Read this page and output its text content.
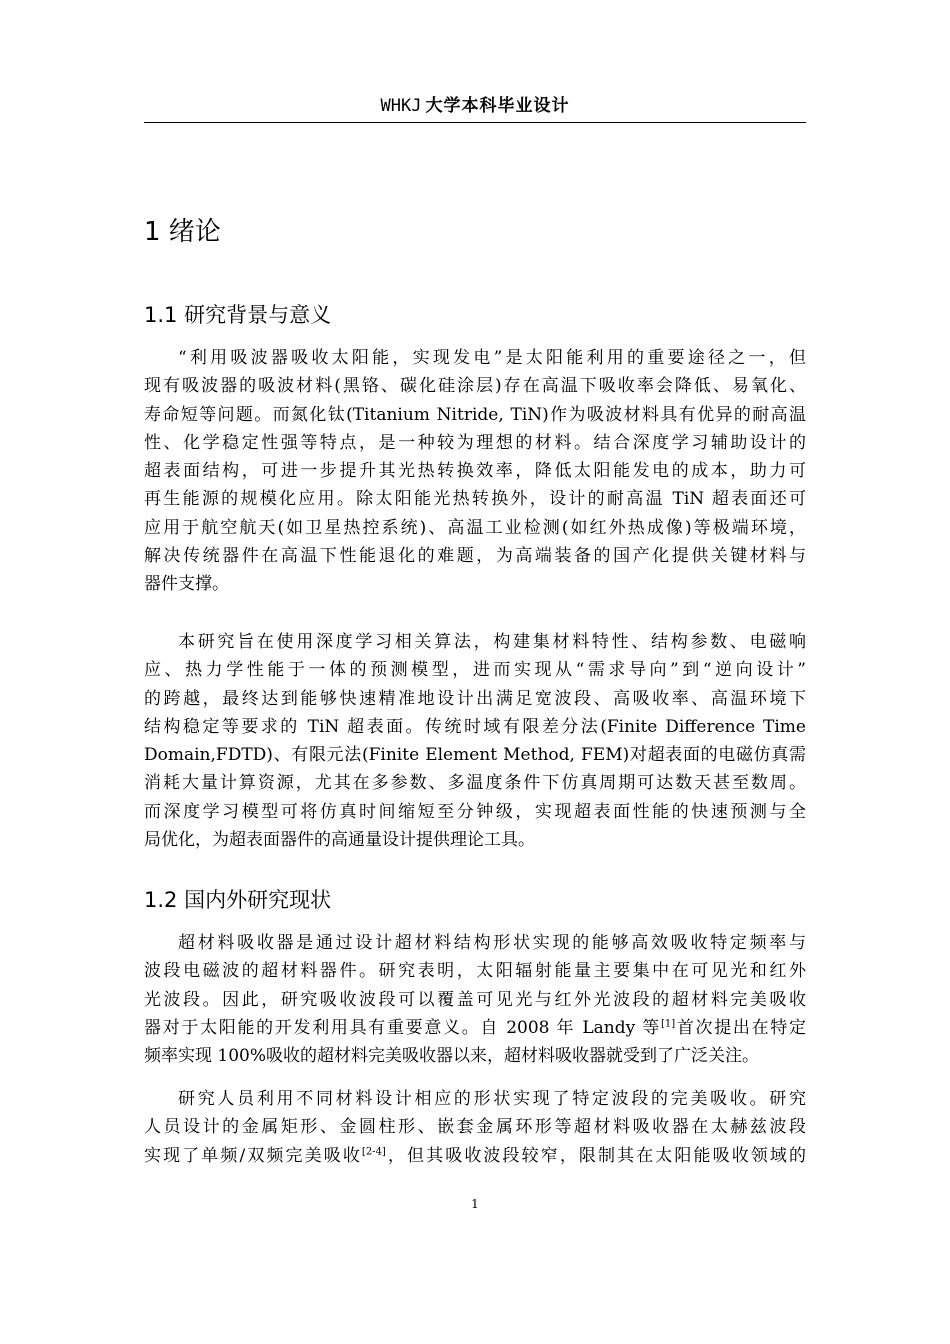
WHKJ 大学本科毕业设计
1 绪论
1.1 研究背景与意义
“利用吸波器吸收太阳能，实现发电”是太阳能利用的重要途径之一，但
现有吸波器的吸波材料(黑铬、碳化硅涂层)存在高温下吸收率会降低、易氧化、
寿命短等问题。而氮化钛(Titanium Nitride, TiN)作为吸波材料具有优异的耐高温
性、化学稳定性强等特点，是一种较为理想的材料。结合深度学习辅助设计的
超表面结构，可进一步提升其光热转换效率，降低太阳能发电的成本，助力可
再生能源的规模化应用。除太阳能光热转换外，设计的耐高温 TiN 超表面还可
应用于航空航天(如卫星热控系统)、高温工业检测(如红外热成像)等极端环境，
解决传统器件在高温下性能退化的难题，为高端装备的国产化提供关键材料与
器件支撑。
本研究旨在使用深度学习相关算法，构建集材料特性、结构参数、电磁响
应、热力学性能于一体的预测模型，进而实现从“需求导向”到“逆向设计”
的跨越，最终达到能够快速精准地设计出满足宽波段、高吸收率、高温环境下
结构稳定等要求的 TiN 超表面。传统时域有限差分法(Finite Difference Time
Domain,FDTD)、有限元法(Finite Element Method, FEM)对超表面的电磁仿真需
消耗大量计算资源，尤其在多参数、多温度条件下仿真周期可达数天甚至数周。
而深度学习模型可将仿真时间缩短至分钟级，实现超表面性能的快速预测与全
局优化，为超表面器件的高通量设计提供理论工具。
1.2 国内外研究现状
超材料吸收器是通过设计超材料结构形状实现的能够高效吸收特定频率与
波段电磁波的超材料器件。研究表明，太阳辐射能量主要集中在可见光和红外
光波段。因此，研究吸收波段可以覆盖可见光与红外光波段的超材料完美吸收
器对于太阳能的开发利用具有重要意义。自 2008 年 Landy 等[1]首次提出在特定
频率实现 100%吸收的超材料完美吸收器以来，超材料吸收器就受到了广泛关注。
研究人员利用不同材料设计相应的形状实现了特定波段的完美吸收。研究
人员设计的金属矩形、金圆柱形、嵌套金属环形等超材料吸收器在太赫兹波段
实现了单频/双频完美吸收[2-4]，但其吸收波段较窄，限制其在太阳能吸收领域的
1
